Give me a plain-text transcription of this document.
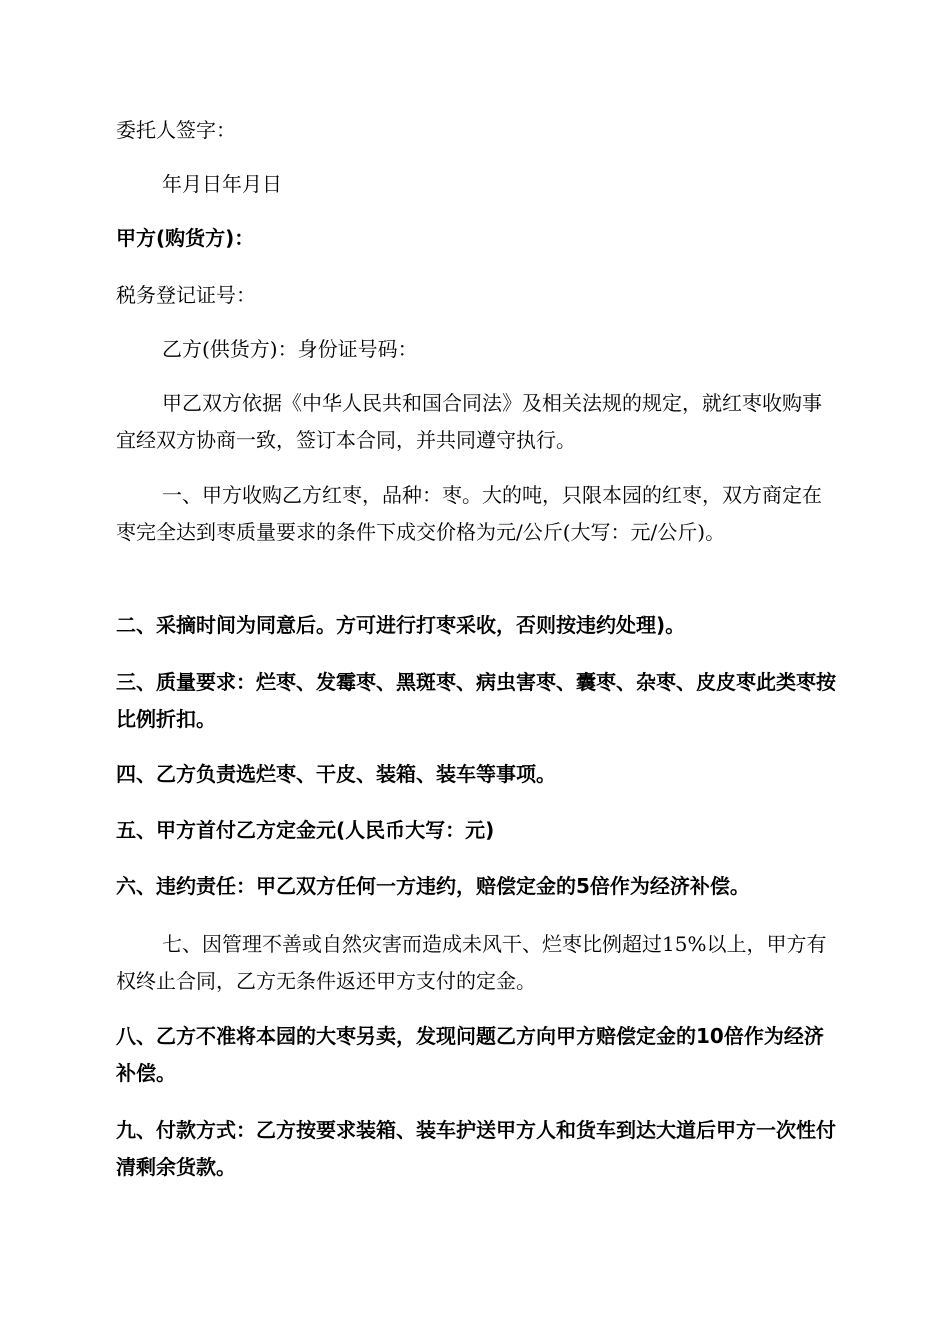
委托人签字：

年月日年月日

甲方(购货方)：

税务登记证号：

乙方(供货方)：身份证号码：

甲乙双方依据《中华人民共和国合同法》及相关法规的规定，就红枣收购事宜经双方协商一致，签订本合同，并共同遵守执行。

一、甲方收购乙方红枣，品种：枣。大的吨，只限本园的红枣，双方商定在枣完全达到枣质量要求的条件下成交价格为元/公斤(大写：元/公斤)。

二、采摘时间为同意后。方可进行打枣采收，否则按违约处理)。

三、质量要求：烂枣、发霉枣、黑斑枣、病虫害枣、囊枣、杂枣、皮皮枣此类枣按比例折扣。

四、乙方负责选烂枣、干皮、装箱、装车等事项。

五、甲方首付乙方定金元(人民币大写：元)

六、违约责任：甲乙双方任何一方违约，赔偿定金的5倍作为经济补偿。

七、因管理不善或自然灾害而造成未风干、烂枣比例超过15%以上，甲方有权终止合同，乙方无条件返还甲方支付的定金。

八、乙方不准将本园的大枣另卖，发现问题乙方向甲方赔偿定金的10倍作为经济补偿。

九、付款方式：乙方按要求装箱、装车护送甲方人和货车到达大道后甲方一次性付清剩余货款。
